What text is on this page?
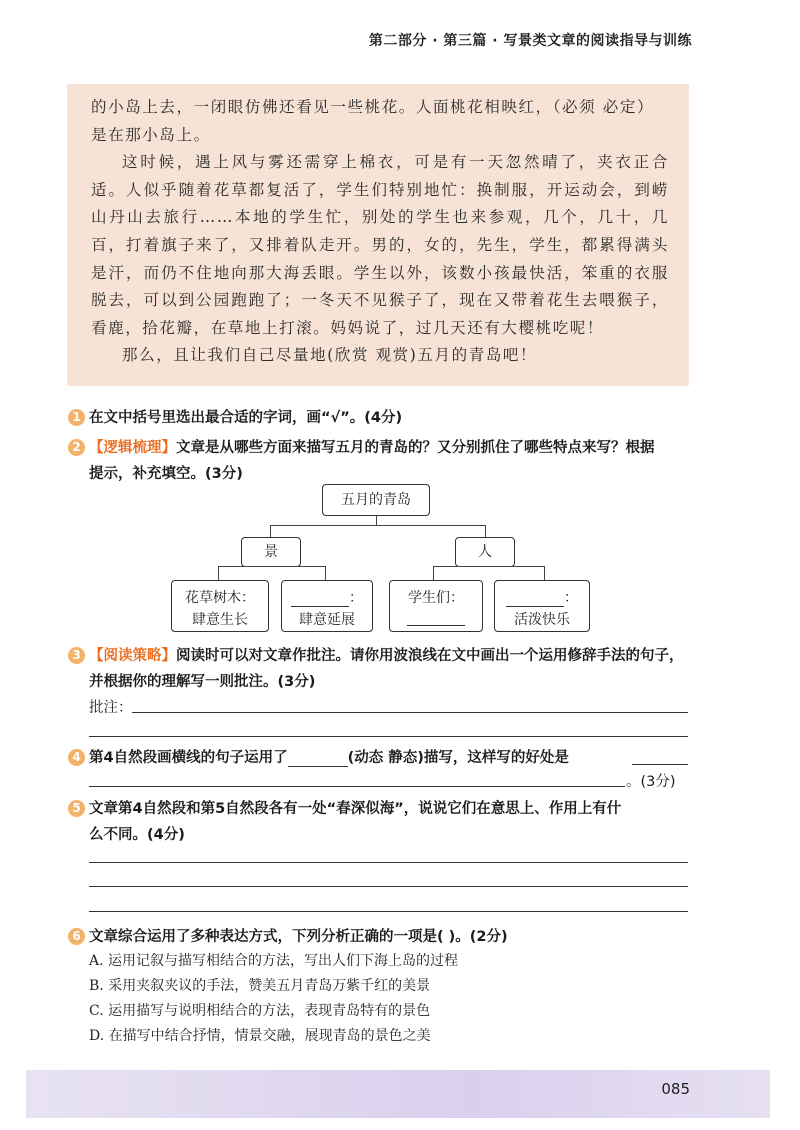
第二部分 · 第三篇 · 写景类文章的阅读指导与训练

的小岛上去，一闭眼仿佛还看见一些桃花。人面桃花相映红，（必须 必定）

是在那小岛上。

这时候，遇上风与雾还需穿上棉衣，可是有一天忽然晴了，夹衣正合适。人似乎随着花草都复活了，学生们特别地忙：换制服，开运动会，到崂山丹山去旅行……本地的学生忙，别处的学生也来参观，几个，几十，几百，打着旗子来了，又排着队走开。男的，女的，先生，学生，都累得满头是汗，而仍不住地向那大海丢眼。学生以外，该数小孩最快活，笨重的衣服脱去，可以到公园跑跑了；一冬天不见猴子了，现在又带着花生去喂猴子，看鹿，拾花瓣，在草地上打滚。妈妈说了，过几天还有大樱桃吃呢！

那么，且让我们自己尽量地(欣赏 观赏)五月的青岛吧！

1 在文中括号里选出最合适的字词，画“√”。(4分)
2 【逻辑梳理】文章是从哪些方面来描写五月的青岛的？又分别抓住了哪些特点来写？根据
提示，补充填空。(3分)
五月的青岛
景	人
花草树木：
肆意生长
：
肆意延展
学生们：	：
活泼快乐
3 【阅读策略】阅读时可以对文章作批注。请你用波浪线在文中画出一个运用修辞手法的句子，
并根据你的理解写一则批注。(3分)
批注：
4 第4自然段画横线的句子运用了	(动态 静态)描写，这样写的好处是
。(3分)
5 文章第4自然段和第5自然段各有一处“春深似海”，说说它们在意思上、作用上有什
么不同。(4分)
6 文章综合运用了多种表达方式，下列分析正确的一项是( )。(2分)
A. 运用记叙与描写相结合的方法，写出人们下海上岛的过程
B. 采用夹叙夹议的手法，赞美五月青岛万紫千红的美景
C. 运用描写与说明相结合的方法，表现青岛特有的景色
D. 在描写中结合抒情，情景交融，展现青岛的景色之美
085
